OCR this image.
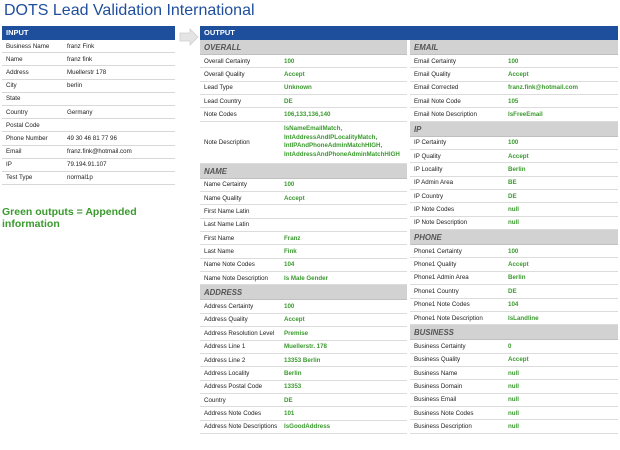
DOTS Lead Validation International
INPUT
Business Name	franz Fink
Name	franz fink
Address	Muellerstr 178
City	berlin
State
Country	Germany
Postal Code
Phone Number	49 30 46 81 77 96
Email	franz.fink@hotmail.com
IP	79.194.91.107
Test Type	normal1p
Green outputs = Appended information
OUTPUT
OVERALL
Overall Certainty	100
Overall Quality	Accept
Lead Type	Unknown
Lead Country	DE
Note Codes	106,133,136,140
Note Description
IsNameEmailMatch, IntAddressAndIPLocalityMatch, IntIPAndPhoneAdminMatchHIGH, IntAddressAndPhoneAdminMatchHIGH
NAME
Name Certainty	100
Name Quality	Accept
First Name Latin
Last Name Latin
First Name	Franz
Last Name	Fink
Name Note Codes	104
Name Note Description	Is Male Gender
ADDRESS
Address Certainty	100
Address Quality	Accept
Address Resolution Level	Premise
Address Line 1	Muellerstr. 178
Address Line 2	13353 Berlin
Address Locality	Berlin
Address Postal Code	13353
Country	DE
Address Note Codes	101
Address Note Descriptions	IsGoodAddress
EMAIL
Email Certainty	100
Email Quality	Accept
Email Corrected	franz.fink@hotmail.com
Email Note Code	105
Email Note Description	IsFreeEmail
IP
IP Certainty	100
IP Quality	Accept
IP Locality	Berlin
IP Admin Area	BE
IP Country	DE
IP Note Codes	null
IP Note Description	null
PHONE
Phone1 Certainty	100
Phone1 Quality	Accept
Phone1 Admin Area	Berlin
Phone1 Country	DE
Phone1 Note Codes	104
Phone1 Note Description	IsLandline
BUSINESS
Business Certainty	0
Business Quality	Accept
Business Name	null
Business Domain	null
Business Email	null
Business Note Codes	null
Business Description	null
